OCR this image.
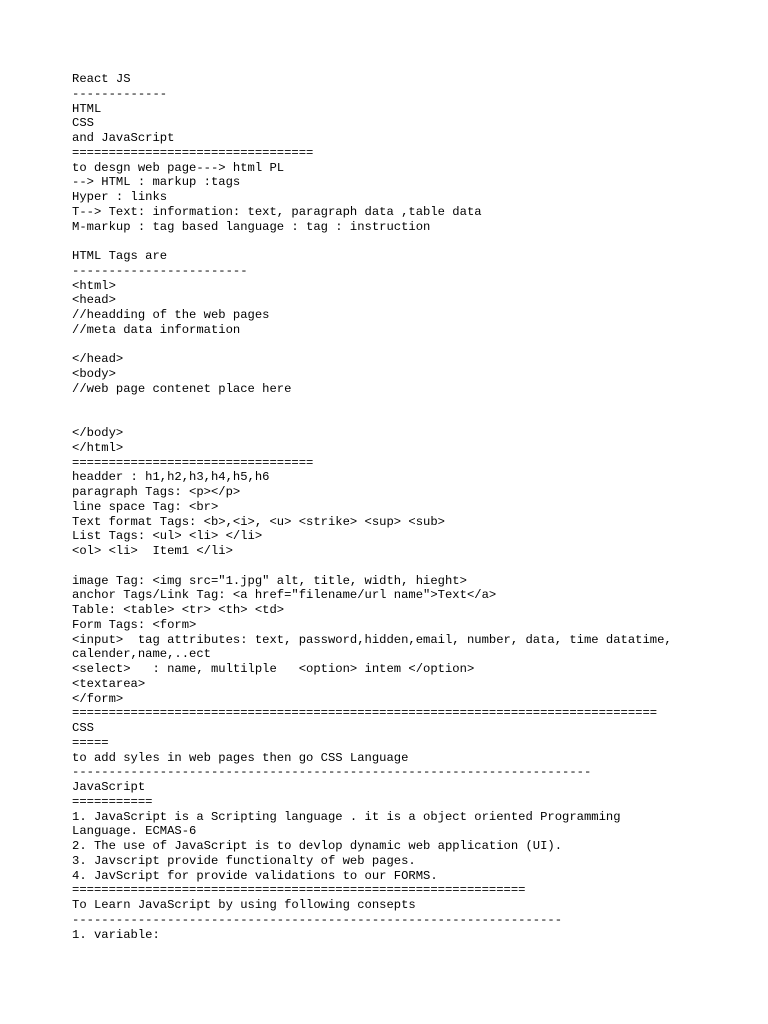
React JS
-------------
HTML
CSS
and JavaScript
=================================
to desgn web page---> html PL
--> HTML : markup :tags
Hyper : links
T--> Text: information: text, paragraph data ,table data
M-markup : tag based language : tag : instruction
HTML Tags are
------------------------
<html>
<head>
//headding of the web pages
//meta data information
</head>
<body>
//web page contenet place here
</body>
</html>
=================================
headder : h1,h2,h3,h4,h5,h6
paragraph Tags: <p></p>
line space Tag: <br>
Text format Tags: <b>,<i>, <u> <strike> <sup> <sub>
List Tags: <ul> <li> </li>
<ol> <li>  Item1 </li>
image Tag: <img src="1.jpg" alt, title, width, hieght>
anchor Tags/Link Tag: <a href="filename/url name">Text</a>
Table: <table> <tr> <th> <td>
Form Tags: <form>
<input>  tag attributes: text, password,hidden,email, number, data, time datatime,
calender,name,..ect
<select>   : name, multilple   <option> intem </option>
<textarea>
</form>
================================================================================
CSS
=====
to add syles in web pages then go CSS Language
-----------------------------------------------------------------------
JavaScript
===========
1. JavaScript is a Scripting language . it is a object oriented Programming
Language. ECMAS-6
2. The use of JavaScript is to devlop dynamic web application (UI).
3. Javscript provide functionalty of web pages.
4. JavScript for provide validations to our FORMS.
==============================================================
To Learn JavaScript by using following consepts
-------------------------------------------------------------------
1. variable:
